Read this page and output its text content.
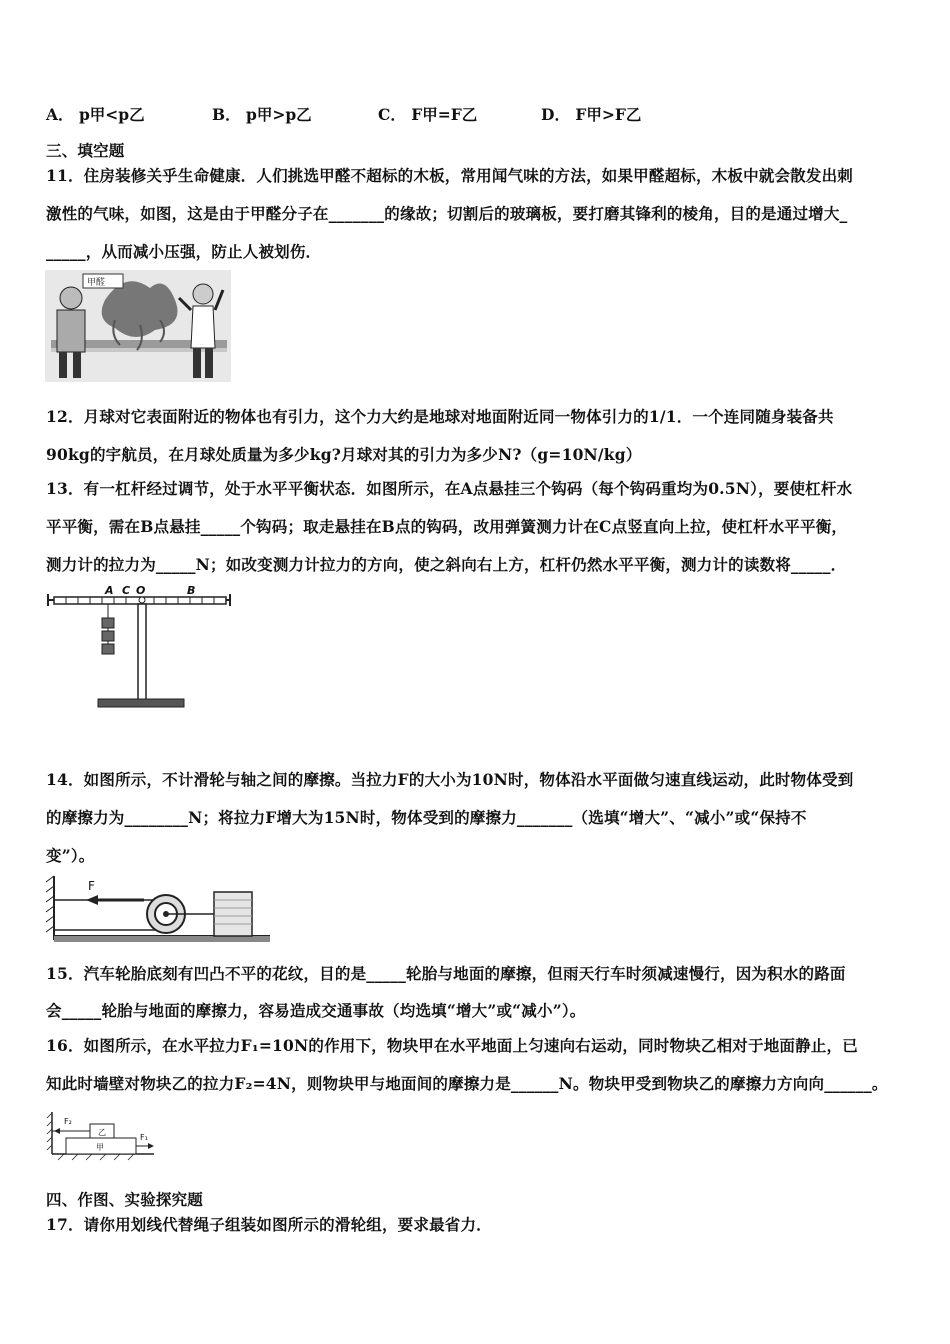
A． p甲<p乙	B． p甲>p乙	C． F甲=F乙	D． F甲>F乙
三、填空题
11．住房装修关乎生命健康．人们挑选甲醛不超标的木板，常用闻气味的方法，如果甲醛超标，木板中就会散发出刺
激性的气味，如图，这是由于甲醛分子在_______的缘故；切割后的玻璃板，要打磨其锋利的棱角，目的是通过增大_
_____，从而减小压强，防止人被划伤．
甲醛
12．月球对它表面附近的物体也有引力，这个力大约是地球对地面附近同一物体引力的1/1．一个连同随身装备共
90kg的宇航员，在月球处质量为多少kg?月球对其的引力为多少N?（g=10N/kg）
13．有一杠杆经过调节，处于水平平衡状态．如图所示，在A点悬挂三个钩码（每个钩码重均为0.5N），要使杠杆水
平平衡，需在B点悬挂_____个钩码；取走悬挂在B点的钩码，改用弹簧测力计在C点竖直向上拉，使杠杆水平平衡，
测力计的拉力为_____N；如改变测力计拉力的方向，使之斜向右上方，杠杆仍然水平平衡，测力计的读数将_____．
A C O	B
14．如图所示，不计滑轮与轴之间的摩擦。当拉力F的大小为10N时，物体沿水平面做匀速直线运动，此时物体受到
的摩擦力为________N；将拉力F增大为15N时，物体受到的摩擦力_______（选填“增大”、“减小”或“保持不
变”）。
F
15．汽车轮胎底刻有凹凸不平的花纹，目的是_____轮胎与地面的摩擦，但雨天行车时须减速慢行，因为积水的路面
会_____轮胎与地面的摩擦力，容易造成交通事故（均选填“增大”或“减小”）。
16．如图所示，在水平拉力F₁=10N的作用下，物块甲在水平地面上匀速向右运动，同时物块乙相对于地面静止，已
知此时墙壁对物块乙的拉力F₂=4N，则物块甲与地面间的摩擦力是______N。物块甲受到物块乙的摩擦力方向向______。
甲
乙
F₂
F₁
四、作图、实验探究题
17．请你用划线代替绳子组装如图所示的滑轮组，要求最省力．
